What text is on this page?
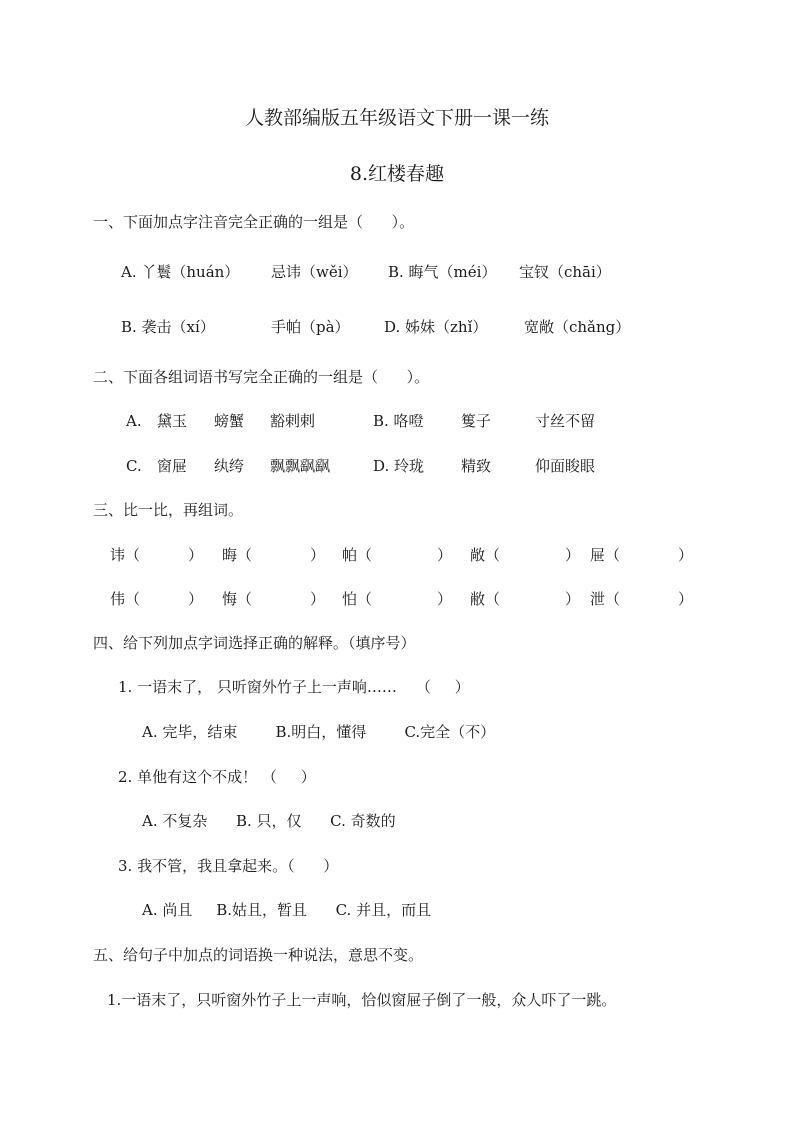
人教部编版五年级语文下册一课一练
8.红楼春趣
一、下面加点字注音完全正确的一组是（      ）。
A. 丫鬟（huán） 忌讳（wěi） B. 晦气（méi） 宝钗（chāi）
B. 袭击（xí）	手帕（pà） D. 姊妹（zhǐ） 宽敞（chǎng）
二、下面各组词语书写完全正确的一组是（      ）。
A. 黛玉 螃蟹 豁剌剌	B. 咯噔 篗子	寸丝不留
C. 窗屉 纨绔 飘飘飖飖	D. 玲珑 精致	仰面睃眼
三、比一比，再组词。
讳（	） 晦（	） 帕（	） 敞（	） 屉（	）
伟（	） 悔（	） 怕（	） 敝（	） 泄（	）
四、给下列加点字词选择正确的解释。（填序号）
1. 一语末了， 只听窗外竹子上一声响……    （     ）
A. 完毕，结束        B.明白，懂得        C.完全（不）
2. 单他有这个不成！ （     ）
A. 不复杂      B. 只，仅      C. 奇数的
3. 我不管，我且拿起来。（      ）
A. 尚且     B.姑且，暂且      C. 并且，而且
五、给句子中加点的词语换一种说法，意思不变。
1.一语末了，只听窗外竹子上一声响，恰似窗屉子倒了一般，众人吓了一跳。
